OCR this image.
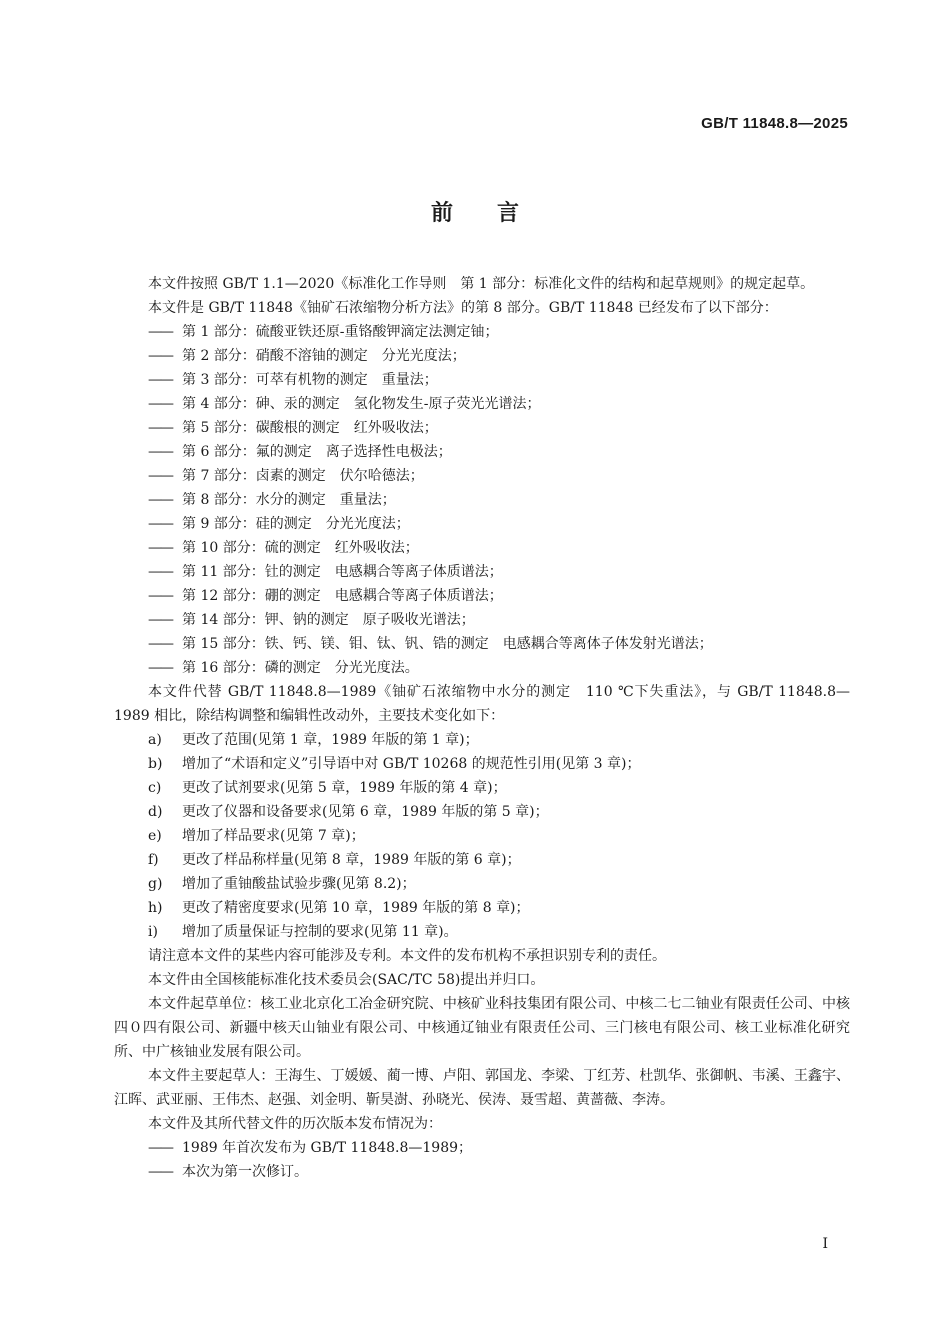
GB/T 11848.8—2025
前言

本文件按照 GB/T 1.1—2020《标准化工作导则　第 1 部分：标准化文件的结构和起草规则》的规定起草。

本文件是 GB/T 11848《铀矿石浓缩物分析方法》的第 8 部分。GB/T 11848 已经发布了以下部分：

—— 第 1 部分：硫酸亚铁还原-重铬酸钾滴定法测定铀；

—— 第 2 部分：硝酸不溶铀的测定　分光光度法；

—— 第 3 部分：可萃有机物的测定　重量法；

—— 第 4 部分：砷、汞的测定　氢化物发生-原子荧光光谱法；

—— 第 5 部分：碳酸根的测定　红外吸收法；

—— 第 6 部分：氟的测定　离子选择性电极法；

—— 第 7 部分：卤素的测定　伏尔哈德法；

—— 第 8 部分：水分的测定　重量法；

—— 第 9 部分：硅的测定　分光光度法；

—— 第 10 部分：硫的测定　红外吸收法；

—— 第 11 部分：钍的测定　电感耦合等离子体质谱法；

—— 第 12 部分：硼的测定　电感耦合等离子体质谱法；

—— 第 14 部分：钾、钠的测定　原子吸收光谱法；

—— 第 15 部分：铁、钙、镁、钼、钛、钒、锆的测定　电感耦合等离体子体发射光谱法；

—— 第 16 部分：磷的测定　分光光度法。

本文件代替 GB/T 11848.8—1989《铀矿石浓缩物中水分的测定　110 ℃下失重法》，与 GB/T 11848.8—1989 相比，除结构调整和编辑性改动外，主要技术变化如下：

a) 更改了范围(见第 1 章，1989 年版的第 1 章)；

b) 增加了“术语和定义”引导语中对 GB/T 10268 的规范性引用(见第 3 章)；

c) 更改了试剂要求(见第 5 章，1989 年版的第 4 章)；

d) 更改了仪器和设备要求(见第 6 章，1989 年版的第 5 章)；

e) 增加了样品要求(见第 7 章)；

f) 更改了样品称样量(见第 8 章，1989 年版的第 6 章)；

g) 增加了重铀酸盐试验步骤(见第 8.2)；

h) 更改了精密度要求(见第 10 章，1989 年版的第 8 章)；

i) 增加了质量保证与控制的要求(见第 11 章)。

请注意本文件的某些内容可能涉及专利。本文件的发布机构不承担识别专利的责任。

本文件由全国核能标准化技术委员会(SAC/TC 58)提出并归口。

本文件起草单位：核工业北京化工冶金研究院、中核矿业科技集团有限公司、中核二七二铀业有限责任公司、中核四０四有限公司、新疆中核天山铀业有限公司、中核通辽铀业有限责任公司、三门核电有限公司、核工业标准化研究所、中广核铀业发展有限公司。

本文件主要起草人：王海生、丁媛媛、蔺一博、卢阳、郭国龙、李梁、丁红芳、杜凯华、张御帆、韦溪、王鑫宇、江晖、武亚丽、王伟杰、赵强、刘金明、靳昊澍、孙晓光、侯涛、聂雪超、黄蔷薇、李涛。

本文件及其所代替文件的历次版本发布情况为：

—— 1989 年首次发布为 GB/T 11848.8—1989；

—— 本次为第一次修订。

I
